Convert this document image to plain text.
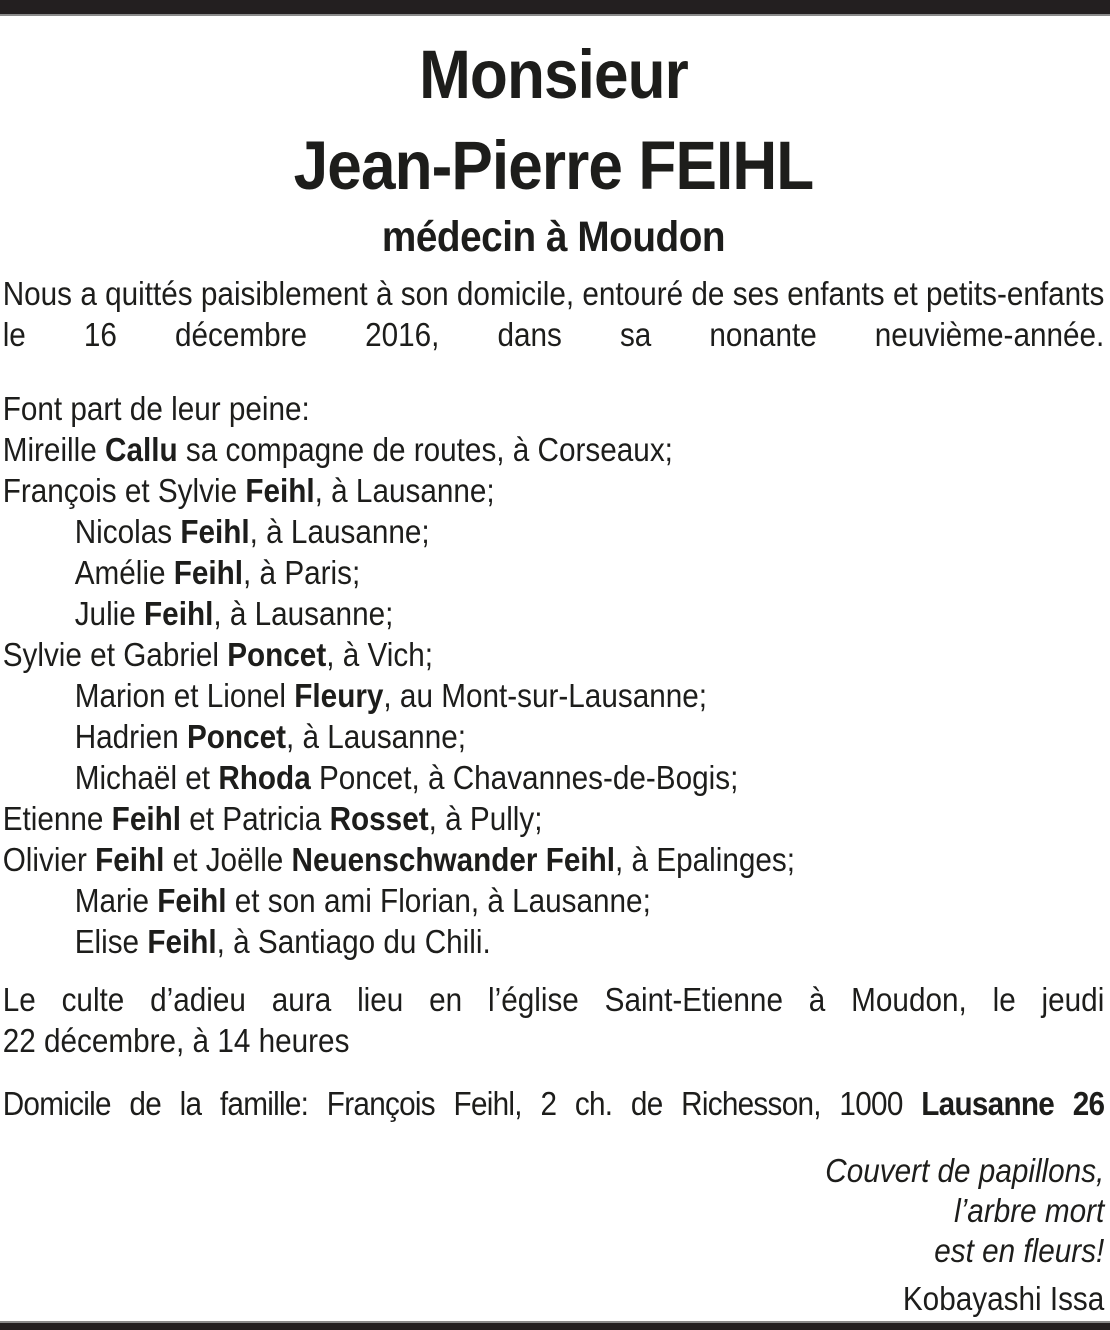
Monsieur
Jean-Pierre FEIHL
médecin à Moudon

Nous a quittés paisiblement à son domicile, entouré de ses enfants et petits-enfants le 16 décembre 2016, dans sa nonante neuvième-année.

Font part de leur peine:
Mireille Callu sa compagne de routes, à Corseaux;
François et Sylvie Feihl, à Lausanne;
Nicolas Feihl, à Lausanne;
Amélie Feihl, à Paris;
Julie Feihl, à Lausanne;
Sylvie et Gabriel Poncet, à Vich;
Marion et Lionel Fleury, au Mont-sur-Lausanne;
Hadrien Poncet, à Lausanne;
Michaël et Rhoda Poncet, à Chavannes-de-Bogis;
Etienne Feihl et Patricia Rosset, à Pully;
Olivier Feihl et Joëlle Neuenschwander Feihl, à Epalinges;
Marie Feihl et son ami Florian, à Lausanne;
Elise Feihl, à Santiago du Chili.
Le culte d’adieu aura lieu en l’église Saint-Etienne à Moudon, le jeudi
22 décembre, à 14 heures
Domicile de la famille: François Feihl, 2 ch. de Richesson, 1000 Lausanne 26
Couvert de papillons,
l’arbre mort
est en fleurs!
Kobayashi Issa
